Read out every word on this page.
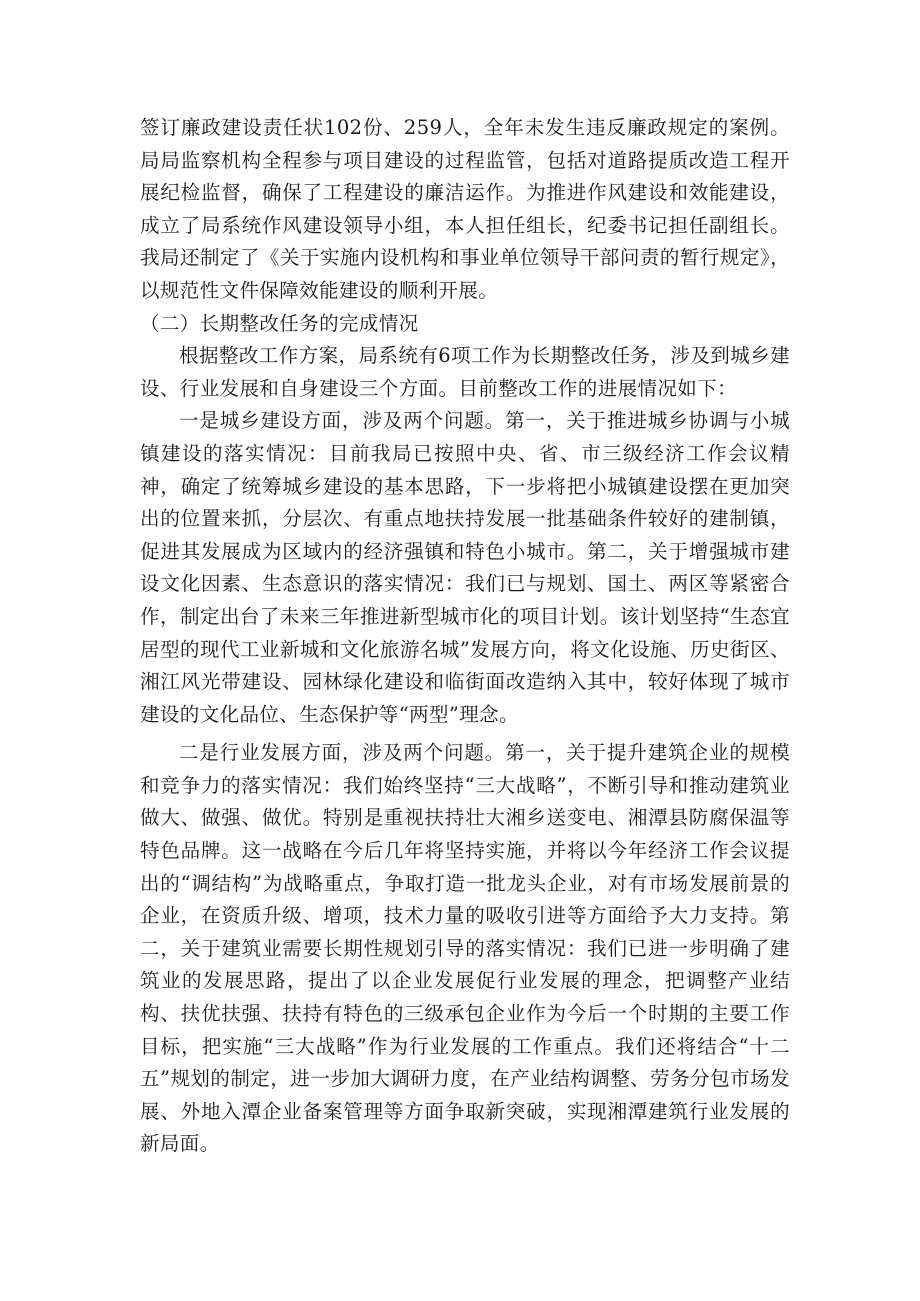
签订廉政建设责任状102份、259人，全年未发生违反廉政规定的案例。局局监察机构全程参与项目建设的过程监管，包括对道路提质改造工程开展纪检监督，确保了工程建设的廉洁运作。为推进作风建设和效能建设，成立了局系统作风建设领导小组，本人担任组长，纪委书记担任副组长。我局还制定了《关于实施内设机构和事业单位领导干部问责的暂行规定》，以规范性文件保障效能建设的顺利开展。

（二）长期整改任务的完成情况

根据整改工作方案，局系统有6项工作为长期整改任务，涉及到城乡建设、行业发展和自身建设三个方面。目前整改工作的进展情况如下：

一是城乡建设方面，涉及两个问题。第一，关于推进城乡协调与小城镇建设的落实情况：目前我局已按照中央、省、市三级经济工作会议精神，确定了统筹城乡建设的基本思路，下一步将把小城镇建设摆在更加突出的位置来抓，分层次、有重点地扶持发展一批基础条件较好的建制镇，促进其发展成为区域内的经济强镇和特色小城市。第二，关于增强城市建设文化因素、生态意识的落实情况：我们已与规划、国土、两区等紧密合作，制定出台了未来三年推进新型城市化的项目计划。该计划坚持“生态宜居型的现代工业新城和文化旅游名城”发展方向，将文化设施、历史街区、湘江风光带建设、园林绿化建设和临街面改造纳入其中，较好体现了城市建设的文化品位、生态保护等“两型”理念。

二是行业发展方面，涉及两个问题。第一，关于提升建筑企业的规模和竞争力的落实情况：我们始终坚持“三大战略”，不断引导和推动建筑业做大、做强、做优。特别是重视扶持壮大湘乡送变电、湘潭县防腐保温等特色品牌。这一战略在今后几年将坚持实施，并将以今年经济工作会议提出的“调结构”为战略重点，争取打造一批龙头企业，对有市场发展前景的企业，在资质升级、增项，技术力量的吸收引进等方面给予大力支持。第二，关于建筑业需要长期性规划引导的落实情况：我们已进一步明确了建筑业的发展思路，提出了以企业发展促行业发展的理念，把调整产业结构、扶优扶强、扶持有特色的三级承包企业作为今后一个时期的主要工作目标，把实施“三大战略”作为行业发展的工作重点。我们还将结合“十二五”规划的制定，进一步加大调研力度，在产业结构调整、劳务分包市场发展、外地入潭企业备案管理等方面争取新突破，实现湘潭建筑行业发展的新局面。
